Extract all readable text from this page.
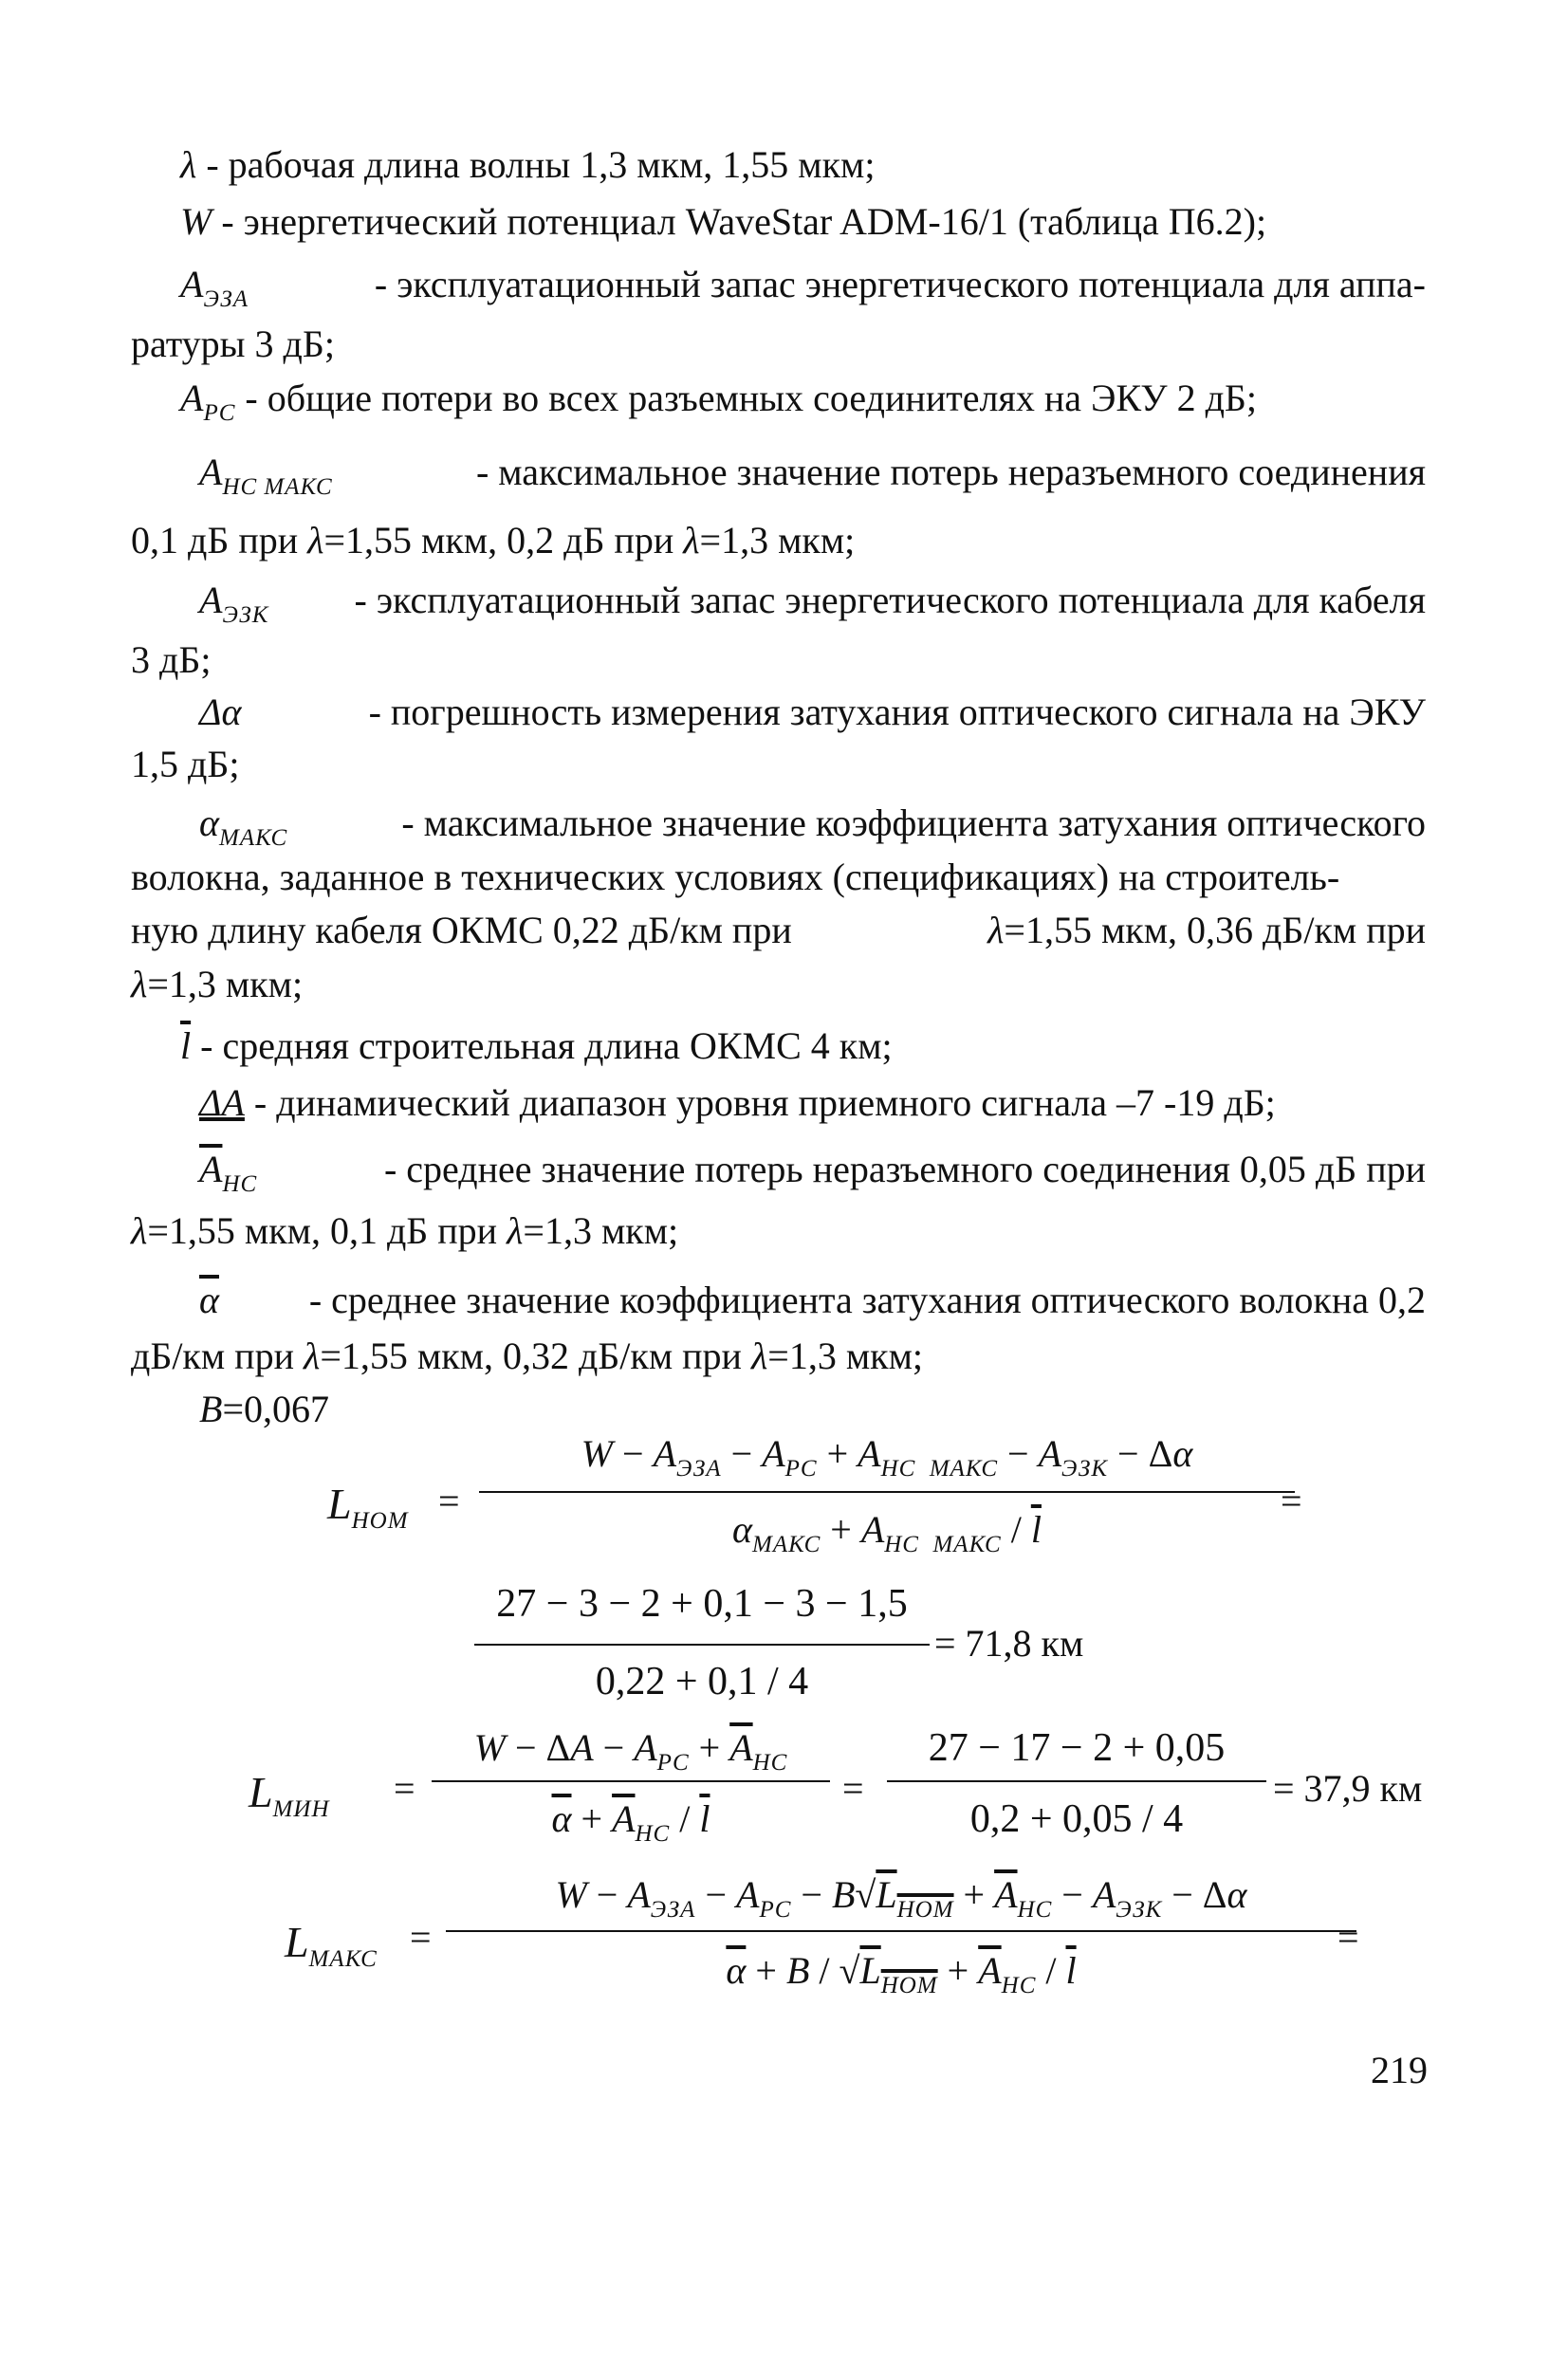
λ - рабочая длина волны 1,3 мкм, 1,55 мкм;
W - энергетический потенциал WaveStar ADM-16/1 (таблица П6.2);
$A_{ЭЗА}$	- эксплуатационный запас энергетического потенциала для аппа-
ратуры 3 дБ;
$A_{PC}$ - общие потери во всех разъемных соединителях на ЭКУ 2 дБ;
$A_{HC МАКС}$	- максимальное значение потерь неразъемного соединения
0,1 дБ при λ=1,55 мкм, 0,2 дБ при λ=1,3 мкм;
$A_{ЭЗК}$ - эксплуатационный запас энергетического потенциала для кабеля
3 дБ;
Δα	- погрешность измерения затухания оптического сигнала на ЭКУ
1,5 дБ;
$\alpha_{МАКС}$	- максимальное значение коэффициента затухания оптического
волокна, заданное в технических условиях (спецификациях) на строитель-
ную длину кабеля ОКМС 0,22 дБ/км при	λ=1,55 мкм, 0,36 дБ/км при
λ=1,3 мкм;
$\overline{l}$ - средняя строительная длина ОКМС 4 км;
ΔA - динамический диапазон уровня приемного сигнала –7 -19 дБ;
$\overline{A}_{HC}$	- среднее значение потерь неразъемного соединения 0,05 дБ при
λ=1,55 мкм, 0,1 дБ при λ=1,3 мкм;
$\overline{\alpha}$ - среднее значение коэффициента затухания оптического волокна 0,2
дБ/км при λ=1,55 мкм, 0,32 дБ/км при λ=1,3 мкм;
B=0,067
$L_{НОМ}$ =
$W - A_{ЭЗА} - A_{PC} + A_{HC МАКС} - A_{ЭЗК} - \Delta\alpha$
$\alpha_{МАКС} + A_{HC МАКС} / \overline{l}$
=
27 − 3 − 2 + 0,1 − 3 − 1,5
0,22 + 0,1 / 4
= 71,8 км
$L_{МИН}$ =
$W - \Delta A - A_{PC} + \overline{A}_{HC}$
$\overline{\alpha} + \overline{A}_{HC} / \overline{l}$
=
27 − 17 − 2 + 0,05
0,2 + 0,05 / 4
= 37,9 км
$L_{МАКС}$
=
$W - A_{ЭЗА} - A_{PC} - B√L_{НОМ} + \overline{A}_{HC} - A_{ЭЗК} - \Delta\alpha$
$\overline{\alpha} + B / √L_{НОМ} + \overline{A}_{HC} / \overline{l}$
=
219
